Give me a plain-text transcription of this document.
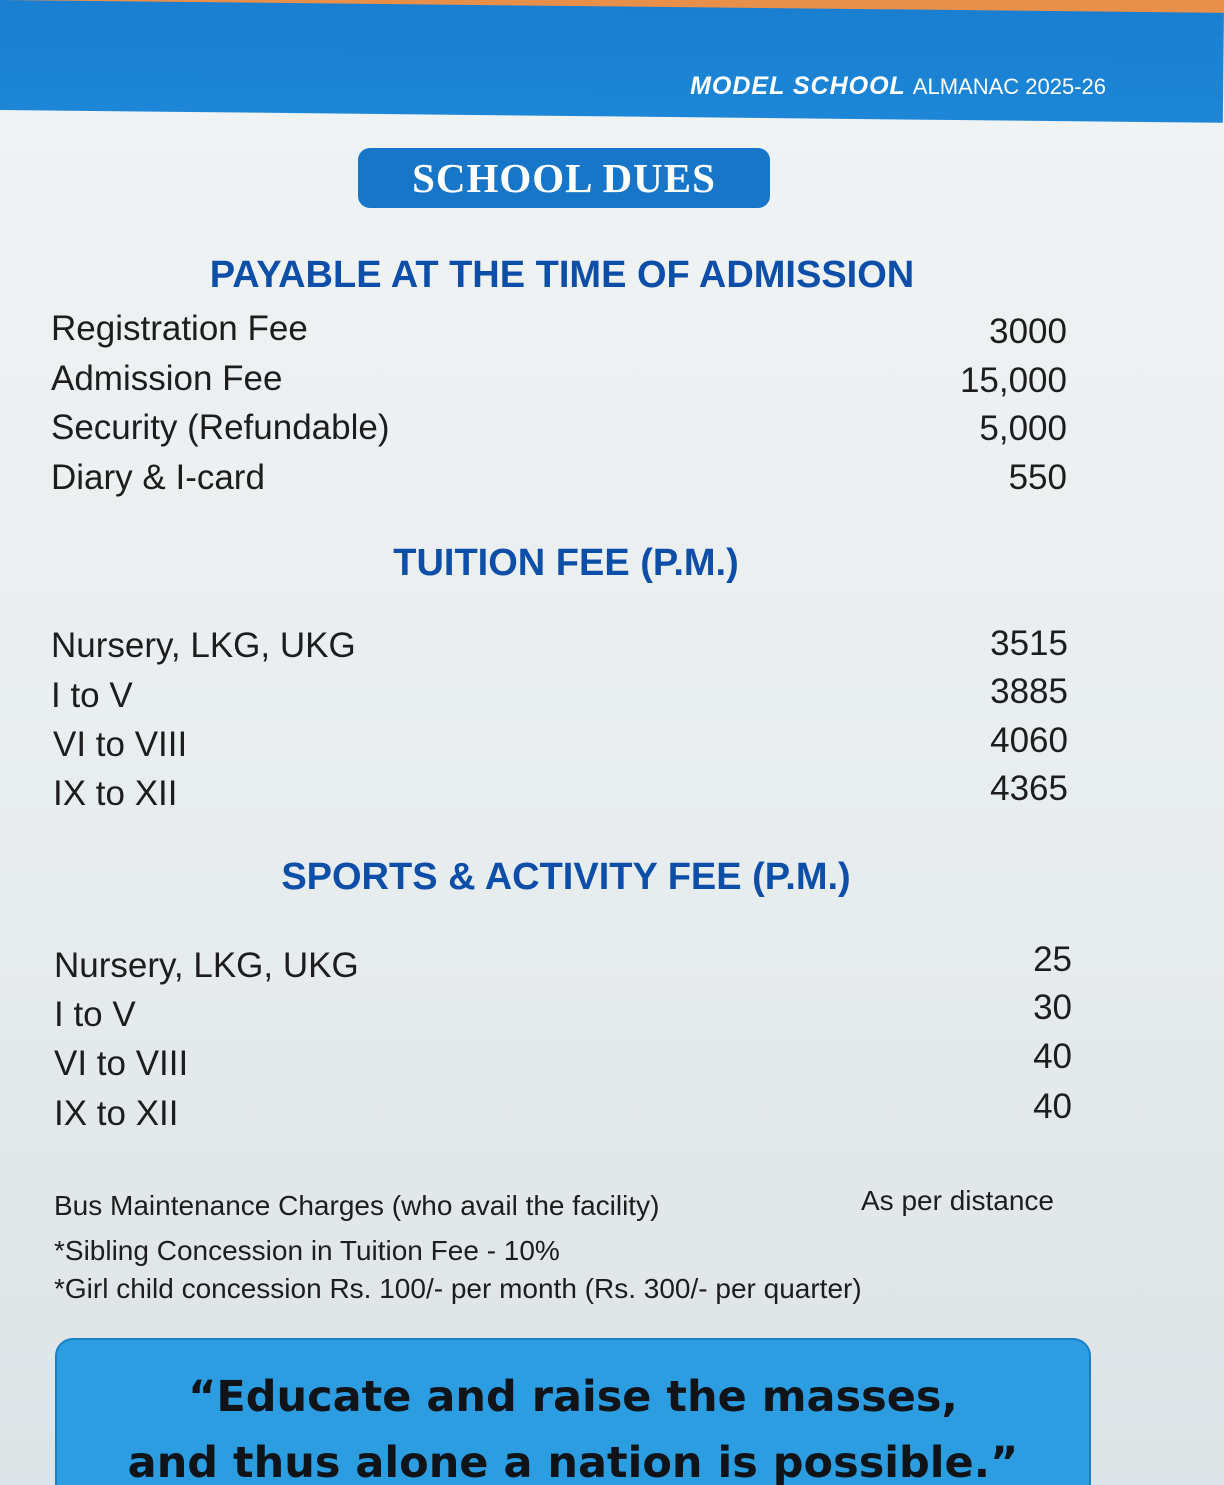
MODEL SCHOOL ALMANAC 2025-26
SCHOOL DUES
PAYABLE AT THE TIME OF ADMISSION
Registration Fee	3000
Admission Fee	15,000
Security (Refundable)	5,000
Diary & I-card	550
TUITION FEE (P.M.)
Nursery, LKG, UKG	3515
I to V	3885
VI to VIII	4060
IX to XII	4365
SPORTS & ACTIVITY FEE (P.M.)
Nursery, LKG, UKG	25
I to V	30
VI to VIII	40
IX to XII	40
Bus Maintenance Charges (who avail the facility)	As per distance
*Sibling Concession in Tuition Fee - 10%
*Girl child concession Rs. 100/- per month (Rs. 300/- per quarter)
“Educate and raise the masses,
and thus alone a nation is possible.”
